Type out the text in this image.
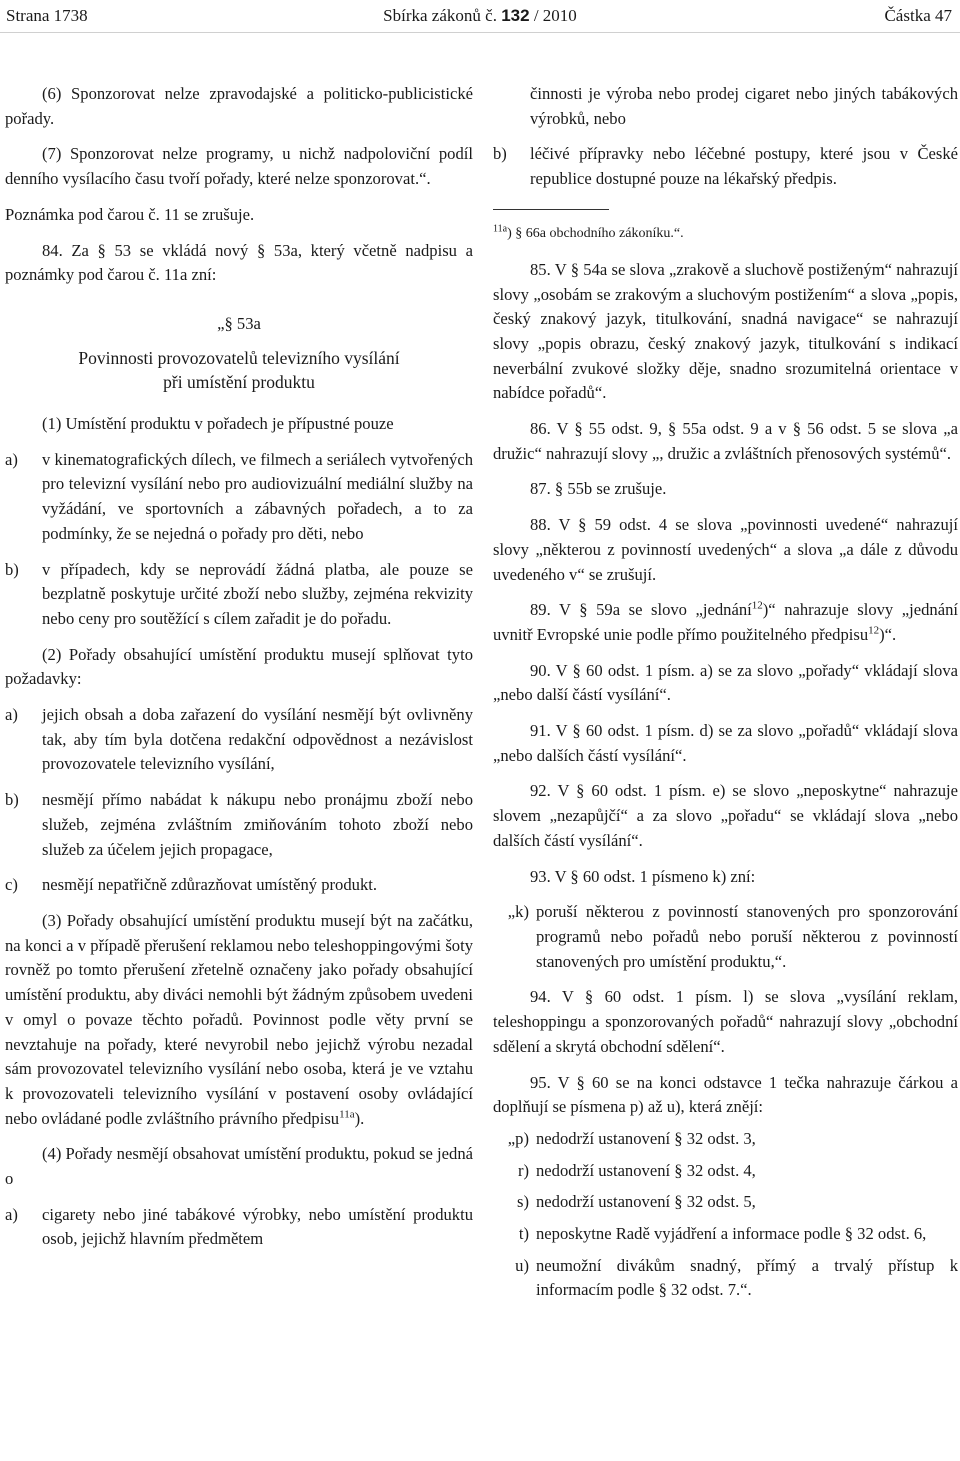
Strana 1738	Sbírka zákonů č. 132 / 2010	Částka 47

(6) Sponzorovat nelze zpravodajské a politicko-publicistické pořady.

(7) Sponzorovat nelze programy, u nichž nadpoloviční podíl denního vysílacího času tvoří pořady, které nelze sponzorovat.“.

Poznámka pod čarou č. 11 se zrušuje.

84. Za § 53 se vkládá nový § 53a, který včetně nadpisu a poznámky pod čarou č. 11a zní:

„§ 53a

Povinnosti provozovatelů televizního vysílání

při umístění produktu

(1) Umístění produktu v pořadech je přípustné pouze

a) v kinematografických dílech, ve filmech a seriálech vytvořených pro televizní vysílání nebo pro audiovizuální mediální služby na vyžádání, ve sportovních a zábavných pořadech, a to za podmínky, že se nejedná o pořady pro děti, nebo
b) v případech, kdy se neprovádí žádná platba, ale pouze se bezplatně poskytuje určité zboží nebo služby, zejména rekvizity nebo ceny pro soutěžící s cílem zařadit je do pořadu.

(2) Pořady obsahující umístění produktu musejí splňovat tyto požadavky:

a) jejich obsah a doba zařazení do vysílání nesmějí být ovlivněny tak, aby tím byla dotčena redakční odpovědnost a nezávislost provozovatele televizního vysílání,
b) nesmějí přímo nabádat k nákupu nebo pronájmu zboží nebo služeb, zejména zvláštním zmiňováním tohoto zboží nebo služeb za účelem jejich propagace,
c) nesmějí nepatřičně zdůrazňovat umístěný produkt.

(3) Pořady obsahující umístění produktu musejí být na začátku, na konci a v případě přerušení reklamou nebo teleshoppingovými šoty rovněž po tomto přerušení zřetelně označeny jako pořady obsahující umístění produktu, aby diváci nemohli být žádným způsobem uvedeni v omyl o povaze těchto pořadů. Povinnost podle věty první se nevztahuje na pořady, které nevyrobil nebo jejichž výrobu nezadal sám provozovatel televizního vysílání nebo osoba, která je ve vztahu k provozovateli televizního vysílání v postavení osoby ovládající nebo ovládané podle zvláštního právního předpisu$^{11a}$).

(4) Pořady nesmějí obsahovat umístění produktu, pokud se jedná o

a) cigarety nebo jiné tabákové výrobky, nebo umístění produktu osob, jejichž hlavním předmětem

činnosti je výroba nebo prodej cigaret nebo jiných tabákových výrobků, nebo

b) léčivé přípravky nebo léčebné postupy, které jsou v České republice dostupné pouze na lékařský předpis.

$^{11a}$) § 66a obchodního zákoníku.“.

85. V § 54a se slova „zrakově a sluchově postiženým“ nahrazují slovy „osobám se zrakovým a sluchovým postižením“ a slova „popis, český znakový jazyk, titulkování, snadná navigace“ se nahrazují slovy „popis obrazu, český znakový jazyk, titulkování s indikací neverbální zvukové složky děje, snadno srozumitelná orientace v nabídce pořadů“.

86. V § 55 odst. 9, § 55a odst. 9 a v § 56 odst. 5 se slova „a družic“ nahrazují slovy „, družic a zvláštních přenosových systémů“.

87. § 55b se zrušuje.

88. V § 59 odst. 4 se slova „povinnosti uvedené“ nahrazují slovy „některou z povinností uvedených“ a slova „a dále z důvodu uvedeného v“ se zrušují.

89. V § 59a se slovo „jednání$^{12}$)“ nahrazuje slovy „jednání uvnitř Evropské unie podle přímo použitelného předpisu$^{12}$)“.

90. V § 60 odst. 1 písm. a) se za slovo „pořady“ vkládají slova „nebo další částí vysílání“.

91. V § 60 odst. 1 písm. d) se za slovo „pořadů“ vkládají slova „nebo dalších částí vysílání“.

92. V § 60 odst. 1 písm. e) se slovo „neposkytne“ nahrazuje slovem „nezapůjčí“ a za slovo „pořadu“ se vkládají slova „nebo dalších částí vysílání“.

93. V § 60 odst. 1 písmeno k) zní:

„k) poruší některou z povinností stanovených pro sponzorování programů nebo pořadů nebo poruší některou z povinností stanovených pro umístění produktu,“.

94. V § 60 odst. 1 písm. l) se slova „vysílání reklam, teleshoppingu a sponzorovaných pořadů“ nahrazují slovy „obchodní sdělení a skrytá obchodní sdělení“.

95. V § 60 se na konci odstavce 1 tečka nahrazuje čárkou a doplňují se písmena p) až u), která znějí:

„p) nedodrží ustanovení § 32 odst. 3,
r) nedodrží ustanovení § 32 odst. 4,
s) nedodrží ustanovení § 32 odst. 5,
t) neposkytne Radě vyjádření a informace podle § 32 odst. 6,
u) neumožní divákům snadný, přímý a trvalý přístup k informacím podle § 32 odst. 7.“.
